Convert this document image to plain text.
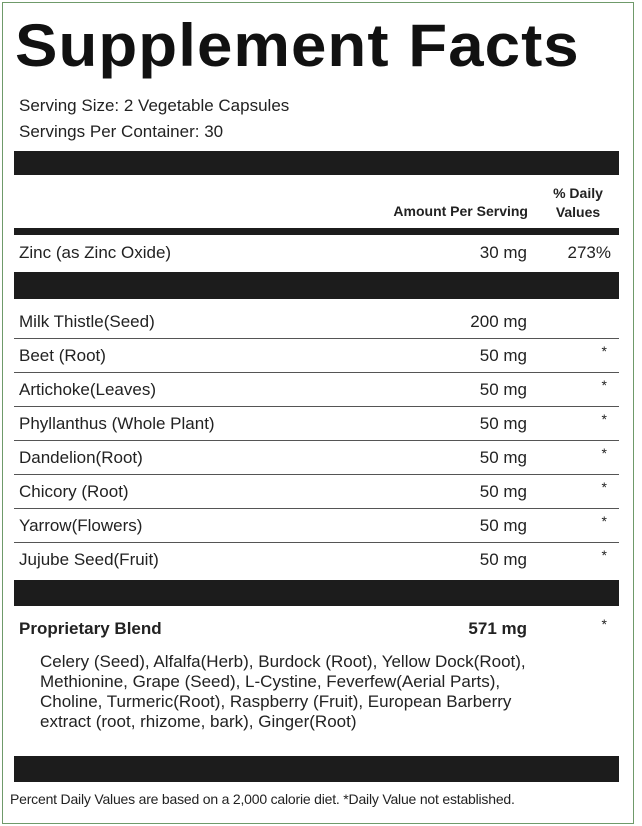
Supplement Facts
Serving Size: 2 Vegetable Capsules
Servings Per Container: 30
Amount Per Serving
% Daily
Values
Zinc (as Zinc Oxide)	30 mg 273%
Milk Thistle(Seed)	200 mg
Beet (Root)	50 mg	*
Artichoke(Leaves)	50 mg	*
Phyllanthus (Whole Plant)	50 mg	*
Dandelion(Root)	50 mg	*
Chicory (Root)	50 mg	*
Yarrow(Flowers)	50 mg	*
Jujube Seed(Fruit)	50 mg	*
Proprietary Blend	571 mg	*
Celery (Seed), Alfalfa(Herb), Burdock (Root), Yellow Dock(Root),
Methionine, Grape (Seed), L-Cystine, Feverfew(Aerial Parts),
Choline, Turmeric(Root), Raspberry (Fruit), European Barberry
extract (root, rhizome, bark), Ginger(Root)
Percent Daily Values are based on a 2,000 calorie diet. *Daily Value not established.
